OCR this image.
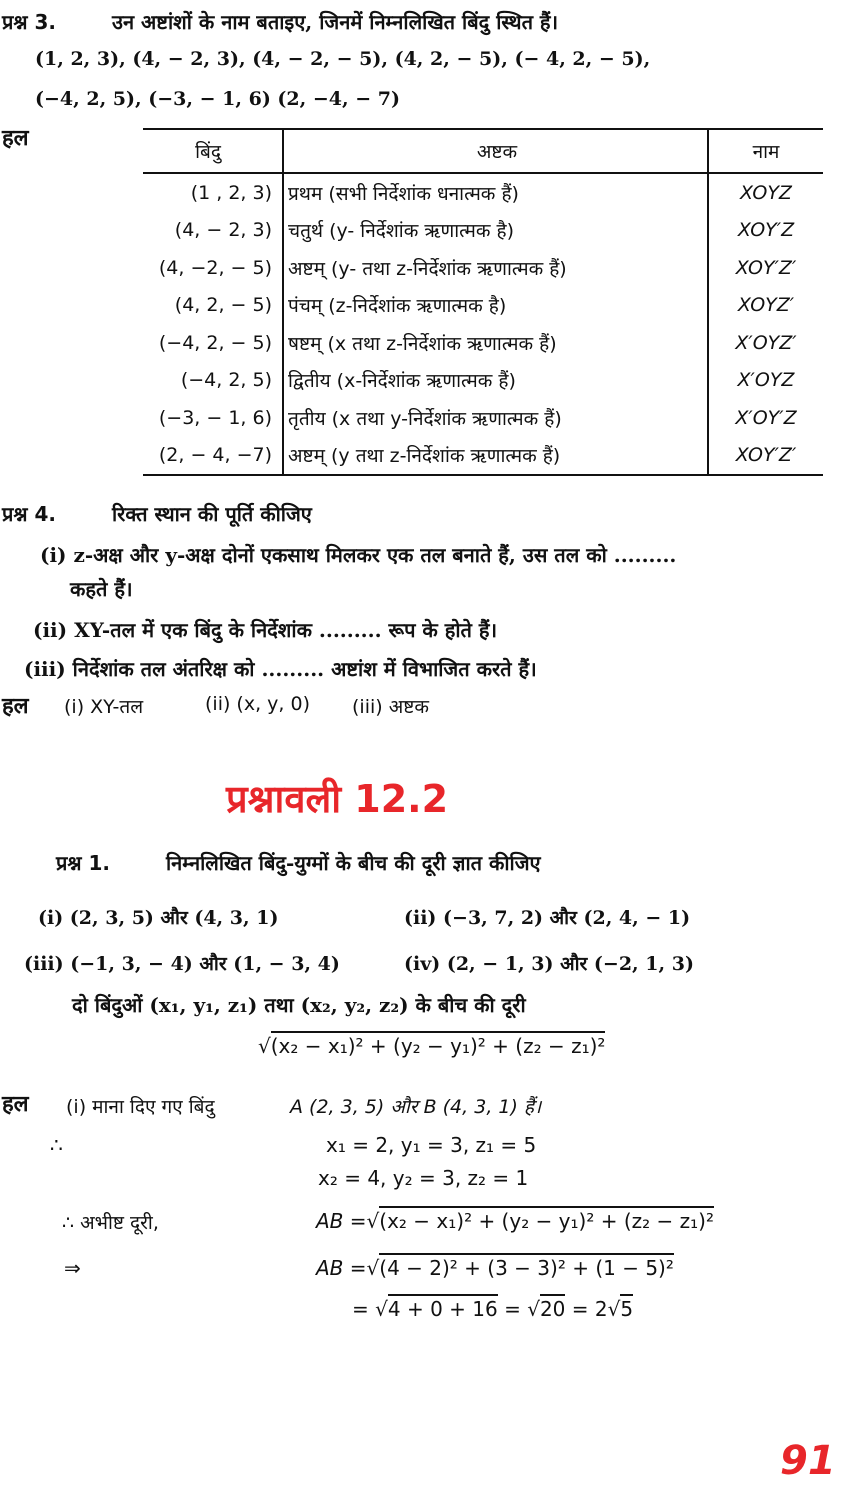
प्रश्न 3.	उन अष्टांशों के नाम बताइए, जिनमें निम्नलिखित बिंदु स्थित हैं।
(1, 2, 3), (4, − 2, 3), (4, − 2, − 5), (4, 2, − 5), (− 4, 2, − 5),
(−4, 2, 5), (−3, − 1, 6) (2, −4, − 7)
हल
बिंदु	अष्टक	नाम
(1 , 2, 3)	प्रथम (सभी निर्देशांक धनात्मक हैं)	XOYZ
(4, − 2, 3)	चतुर्थ (y- निर्देशांक ऋणात्मक है)	XOY′Z
(4, −2, − 5)	अष्टम् (y- तथा z-निर्देशांक ऋणात्मक हैं)	XOY′Z′
(4, 2, − 5)	पंचम् (z-निर्देशांक ऋणात्मक है)	XOYZ′
(−4, 2, − 5)	षष्टम् (x तथा z-निर्देशांक ऋणात्मक हैं)	X′OYZ′
(−4, 2, 5)	द्वितीय (x-निर्देशांक ऋणात्मक हैं)	X′OYZ
(−3, − 1, 6)	तृतीय (x तथा y-निर्देशांक ऋणात्मक हैं)	X′OY′Z
(2, − 4, −7)	अष्टम् (y तथा z-निर्देशांक ऋणात्मक हैं)	XOY′Z′
प्रश्न 4.	रिक्त स्थान की पूर्ति कीजिए
(i) z-अक्ष और y-अक्ष दोनों एकसाथ मिलकर एक तल बनाते हैं, उस तल को .........
कहते हैं।
(ii) XY-तल में एक बिंदु के निर्देशांक ......... रूप के होते हैं।
(iii) निर्देशांक तल अंतरिक्ष को ......... अष्टांश में विभाजित करते हैं।
हल (i) XY-तल	(ii) (x, y, 0) (iii) अष्टक
प्रश्नावली 12.2
प्रश्न 1.	निम्नलिखित बिंदु-युग्मों के बीच की दूरी ज्ञात कीजिए
(i) (2, 3, 5) और (4, 3, 1)	(ii) (−3, 7, 2) और (2, 4, − 1)
(iii) (−1, 3, − 4) और (1, − 3, 4)	(iv) (2, − 1, 3) और (−2, 1, 3)
दो बिंदुओं (x₁, y₁, z₁) तथा (x₂, y₂, z₂) के बीच की दूरी
√(x₂ − x₁)² + (y₂ − y₁)² + (z₂ − z₁)²
हल (i) माना दिए गए बिंदु	A (2, 3, 5) और B (4, 3, 1) हैं।
∴	x₁ = 2, y₁ = 3, z₁ = 5
x₂ = 4, y₂ = 3, z₂ = 1
∴ अभीष्ट दूरी,	AB =√(x₂ − x₁)² + (y₂ − y₁)² + (z₂ − z₁)²
⇒	AB =√(4 − 2)² + (3 − 3)² + (1 − 5)²
= √4 + 0 + 16 = √20 = 2√5
91
